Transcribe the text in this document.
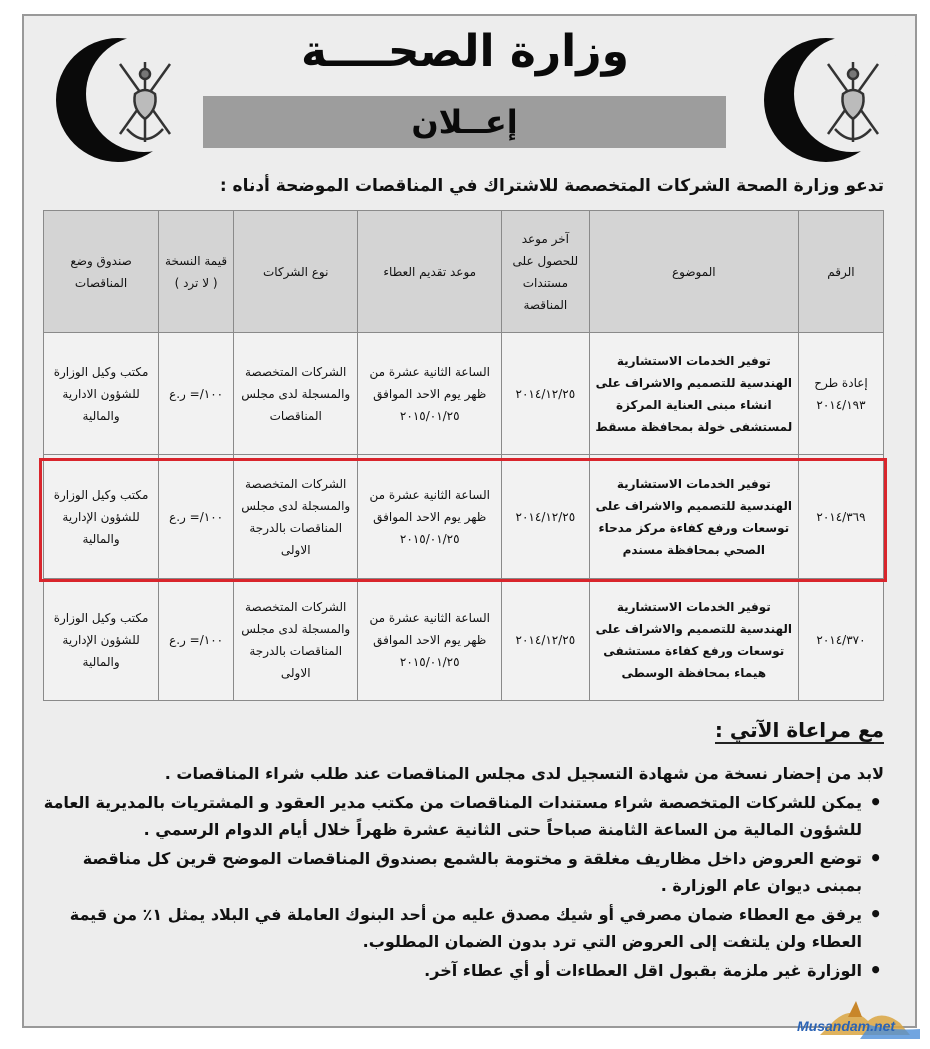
وزارة الصحــــة
إعــلان
تدعو وزارة الصحة الشركات المتخصصة للاشتراك في المناقصات الموضحة أدناه :
الرقم	الموضوع	آخر موعد للحصول على مستندات المناقصة	موعد تقديم العطاء	نوع الشركات	قيمة النسخة ( لا ترد )	صندوق وضع المناقصات
إعادة طرح ٢٠١٤/١٩٣	توفير الخدمات الاستشارية الهندسية للتصميم والاشراف على انشاء مبنى العناية المركزة لمستشفى خولة بمحافظة مسقط	٢٠١٤/١٢/٢٥	الساعة الثانية عشرة من ظهر يوم الاحد الموافق ٢٠١٥/٠١/٢٥	الشركات المتخصصة والمسجلة لدى مجلس المناقصات	١٠٠/= ر.ع	مكتب وكيل الوزارة للشؤون الادارية والمالية
٢٠١٤/٣٦٩	توفير الخدمات الاستشارية الهندسية للتصميم والاشراف على توسعات ورفع كفاءة مركز مدحاء الصحي بمحافظة مسندم	٢٠١٤/١٢/٢٥	الساعة الثانية عشرة من ظهر يوم الاحد الموافق ٢٠١٥/٠١/٢٥	الشركات المتخصصة والمسجلة لدى مجلس المناقصات بالدرجة الاولى	١٠٠/= ر.ع	مكتب وكيل الوزارة للشؤون الإدارية والمالية
٢٠١٤/٣٧٠	توفير الخدمات الاستشارية الهندسية للتصميم والاشراف على توسعات ورفع كفاءة مستشفى هيماء بمحافظة الوسطى	٢٠١٤/١٢/٢٥	الساعة الثانية عشرة من ظهر يوم الاحد الموافق ٢٠١٥/٠١/٢٥	الشركات المتخصصة والمسجلة لدى مجلس المناقصات بالدرجة الاولى	١٠٠/= ر.ع	مكتب وكيل الوزارة للشؤون الإدارية والمالية
مع مراعاة الآتي :

لابد من إحضار نسخة من شهادة التسجيل لدى مجلس المناقصات عند طلب شراء المناقصات .

• يمكن للشركات المتخصصة شراء مستندات المناقصات من مكتب مدير العقود و المشتريات بالمديرية العامة للشؤون المالية من الساعة الثامنة صباحاً حتى الثانية عشرة ظهراً خلال أيام الدوام الرسمي .
• توضع العروض داخل مظاريف مغلقة و مختومة بالشمع بصندوق المناقصات الموضح قرين كل مناقصة بمبنى ديوان عام الوزارة .
• يرفق مع العطاء ضمان مصرفي أو شيك مصدق عليه من أحد البنوك العاملة في البلاد يمثل ١٪ من قيمة العطاء ولن يلتفت إلى العروض التي ترد بدون الضمان المطلوب.
• الوزارة غير ملزمة بقبول اقل العطاءات أو أي عطاء آخر.
Musandam.net
